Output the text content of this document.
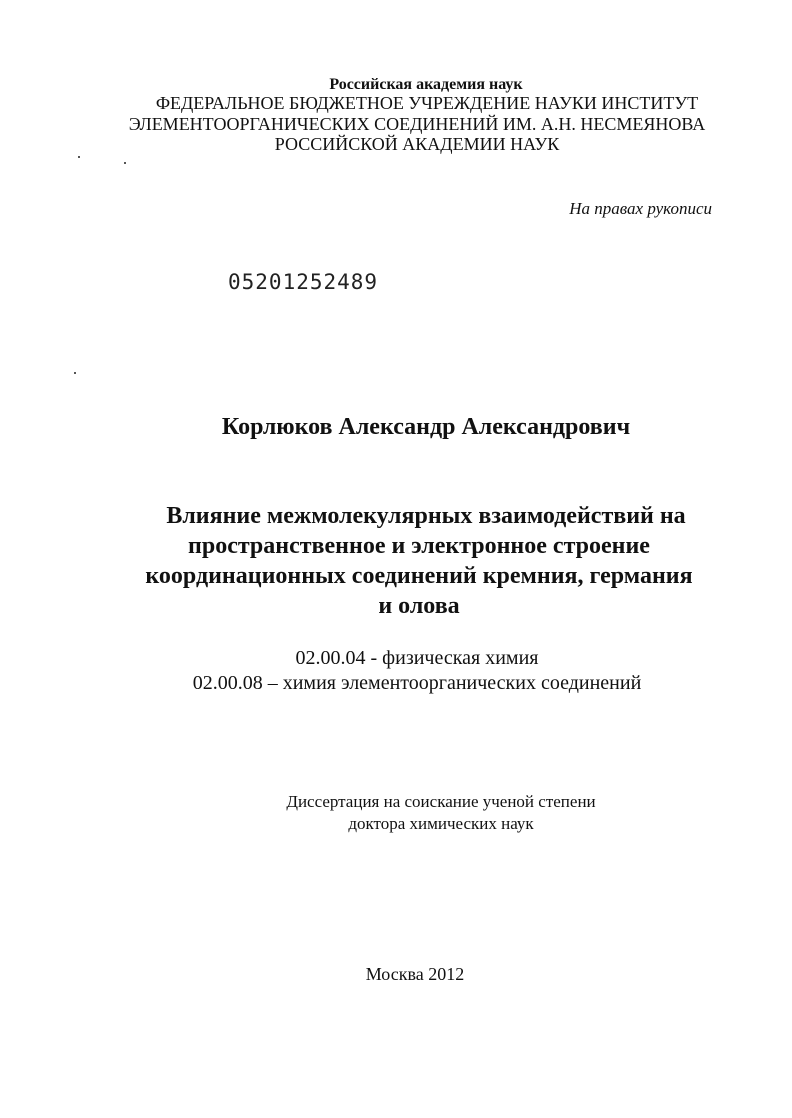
Российская академия наук
ФЕДЕРАЛЬНОЕ БЮДЖЕТНОЕ УЧРЕЖДЕНИЕ НАУКИ ИНСТИТУТ
ЭЛЕМЕНТООРГАНИЧЕСКИХ СОЕДИНЕНИЙ ИМ. А.Н. НЕСМЕЯНОВА
РОССИЙСКОЙ АКАДЕМИИ НАУК
На правах рукописи
05201252489
Корлюков Александр Александрович
Влияние межмолекулярных взаимодействий на
пространственное и электронное строение
координационных соединений кремния, германия
и олова
02.00.04 - физическая химия
02.00.08 – химия элементоорганических соединений
Диссертация на соискание ученой степени
доктора химических наук
Москва 2012
